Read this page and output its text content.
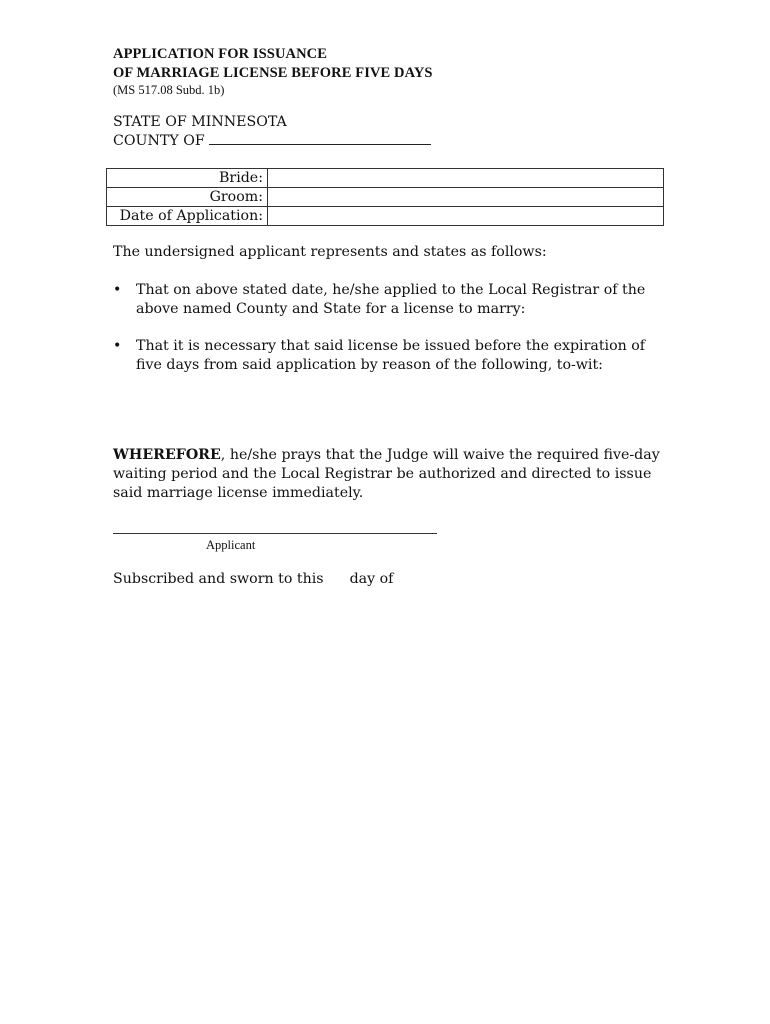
APPLICATION FOR ISSUANCE
OF MARRIAGE LICENSE BEFORE FIVE DAYS
(MS 517.08 Subd. 1b)
STATE OF MINNESOTA
COUNTY OF
Bride:	
Groom:	
Date of Application:	
The undersigned applicant represents and states as follows:
• That on above stated date, he/she applied to the Local Registrar of the above named County and State for a license to marry:
• That it is necessary that said license be issued before the expiration of five days from said application by reason of the following, to-wit:
WHEREFORE, he/she prays that the Judge will waive the required five-day waiting period and the Local Registrar be authorized and directed to issue said marriage license immediately.
Applicant
Subscribed and sworn to this day of
